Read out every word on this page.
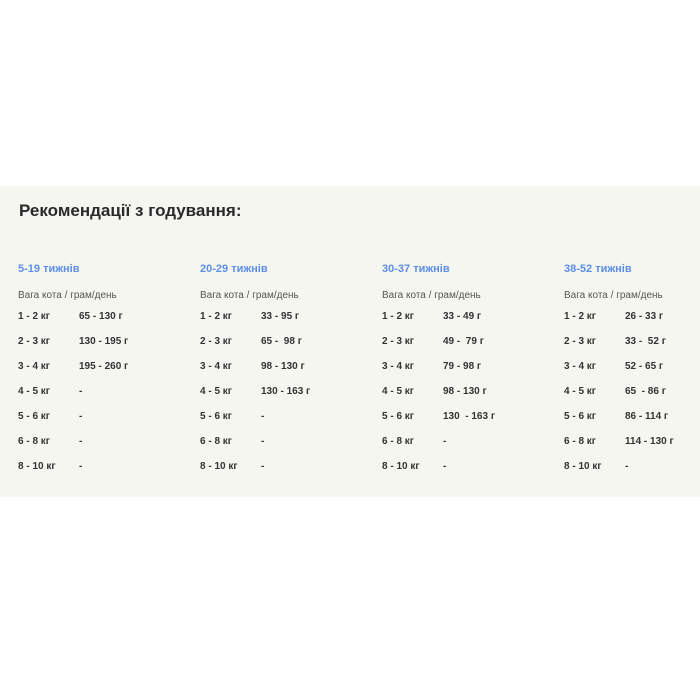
Рекомендації з годування:
5-19 тижнів
Вага кота / грам/день
1 - 2 кг	65 - 130 г
2 - 3 кг	130 - 195 г
3 - 4 кг	195 - 260 г
4 - 5 кг	-
5 - 6 кг	-
6 - 8 кг	-
8 - 10 кг	-
20-29 тижнів
Вага кота / грам/день
1 - 2 кг	33 - 95 г
2 - 3 кг	65 -  98 г
3 - 4 кг	98 - 130 г
4 - 5 кг	130 - 163 г
5 - 6 кг	-
6 - 8 кг	-
8 - 10 кг	-
30-37 тижнів
Вага кота / грам/день
1 - 2 кг	33 - 49 г
2 - 3 кг	49 -  79 г
3 - 4 кг	79 - 98 г
4 - 5 кг	98 - 130 г
5 - 6 кг	130  - 163 г
6 - 8 кг	-
8 - 10 кг	-
38-52 тижнів
Вага кота / грам/день
1 - 2 кг	26 - 33 г
2 - 3 кг	33 -  52 г
3 - 4 кг	52 - 65 г
4 - 5 кг	65  - 86 г
5 - 6 кг	86 - 114 г
6 - 8 кг	114 - 130 г
8 - 10 кг	-
